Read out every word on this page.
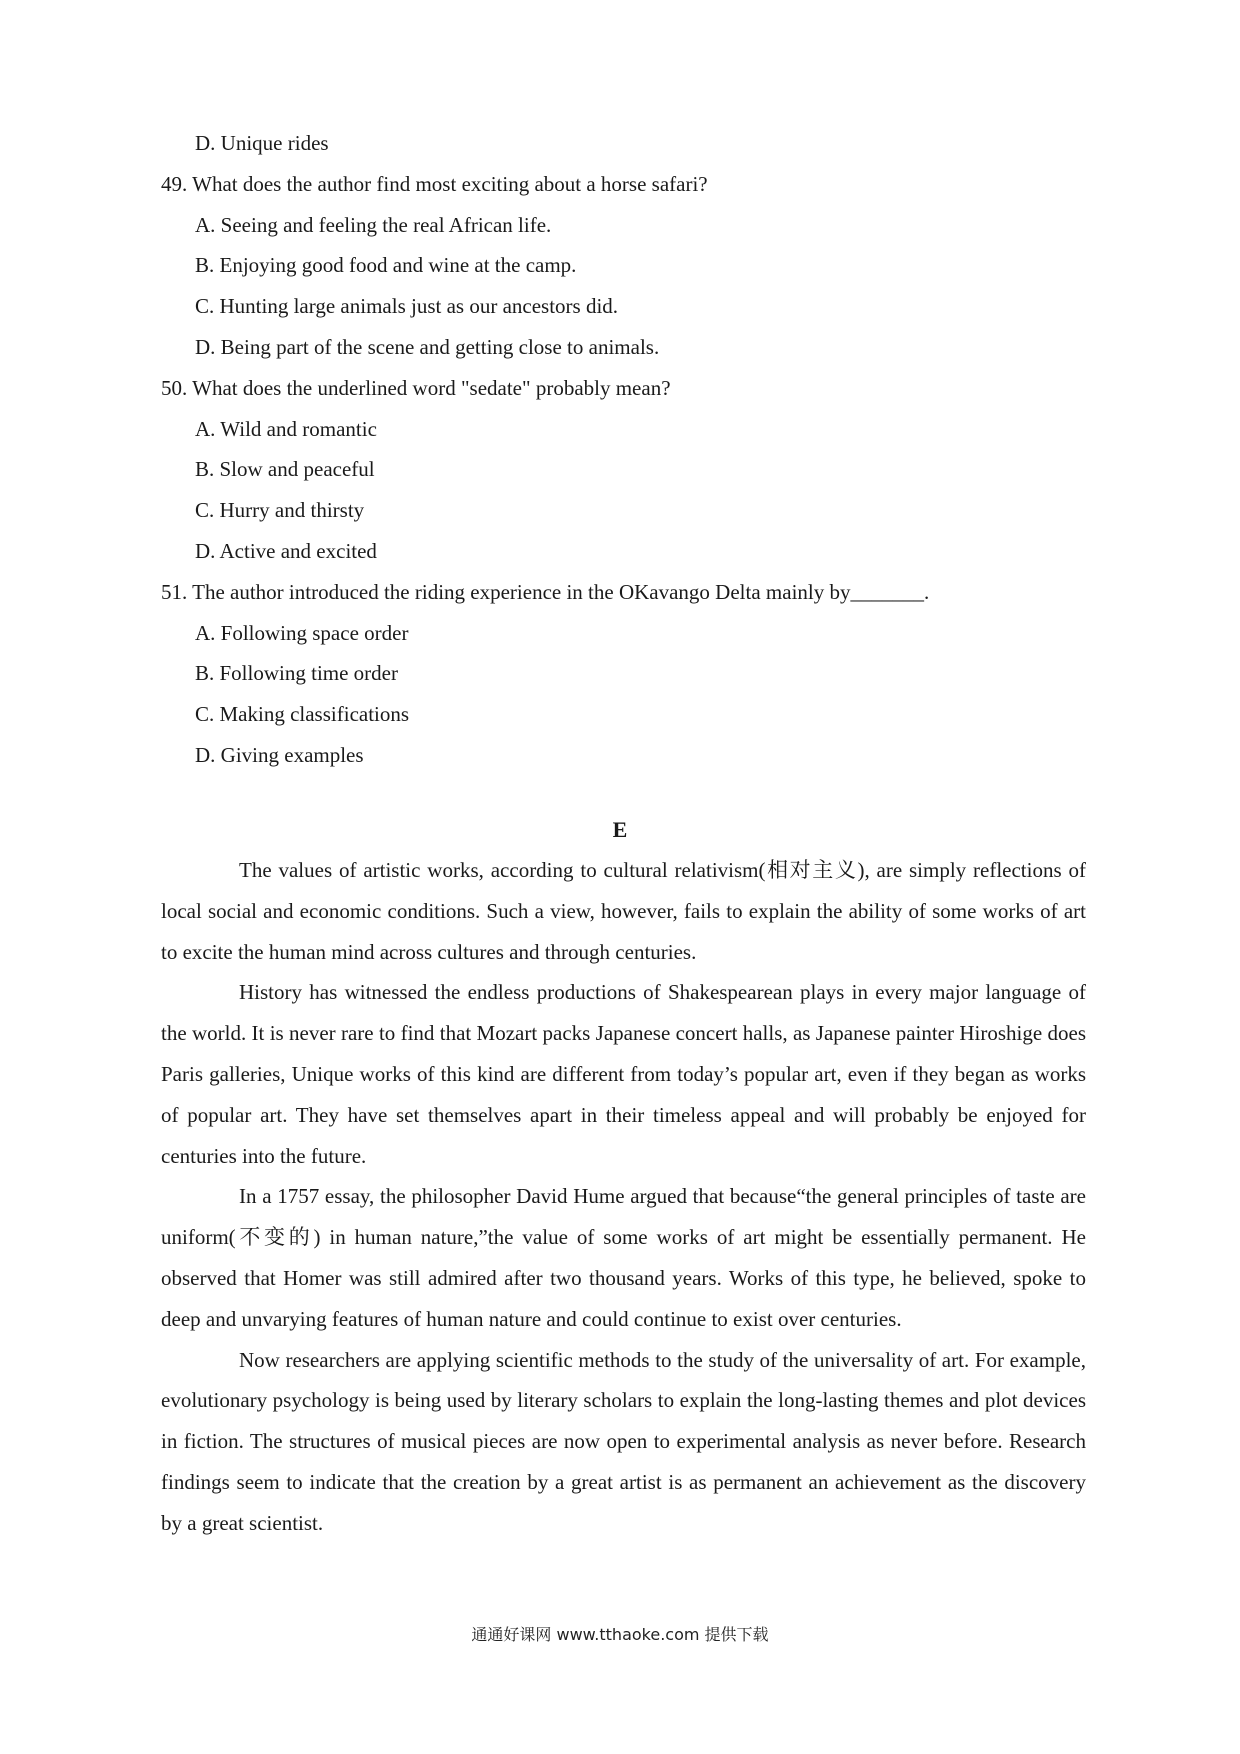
D. Unique rides
49. What does the author find most exciting about a horse safari?
A. Seeing and feeling the real African life.
B. Enjoying good food and wine at the camp.
C. Hunting large animals just as our ancestors did.
D. Being part of the scene and getting close to animals.
50. What does the underlined word "sedate" probably mean?
A. Wild and romantic
B. Slow and peaceful
C. Hurry and thirsty
D. Active and excited
51. The author introduced the riding experience in the OKavango Delta mainly by_______.
A. Following space order
B. Following time order
C. Making classifications
D. Giving examples
E

The values of artistic works, according to cultural relativism(相对主义), are simply reflections of local social and economic conditions. Such a view, however, fails to explain the ability of some works of art to excite the human mind across cultures and through centuries.

History has witnessed the endless productions of Shakespearean plays in every major language of the world. It is never rare to find that Mozart packs Japanese concert halls, as Japanese painter Hiroshige does Paris galleries, Unique works of this kind are different from today’s popular art, even if they began as works of popular art. They have set themselves apart in their timeless appeal and will probably be enjoyed for centuries into the future.

In a 1757 essay, the philosopher David Hume argued that because“the general principles of taste are uniform(不变的) in human nature,”the value of some works of art might be essentially permanent. He observed that Homer was still admired after two thousand years. Works of this type, he believed, spoke to deep and unvarying features of human nature and could continue to exist over centuries.

Now researchers are applying scientific methods to the study of the universality of art. For example, evolutionary psychology is being used by literary scholars to explain the long-lasting themes and plot devices in fiction. The structures of musical pieces are now open to experimental analysis as never before. Research findings seem to indicate that the creation by a great artist is as permanent an achievement as the discovery by a great scientist.

通通好课网 www.tthaoke.com 提供下载
